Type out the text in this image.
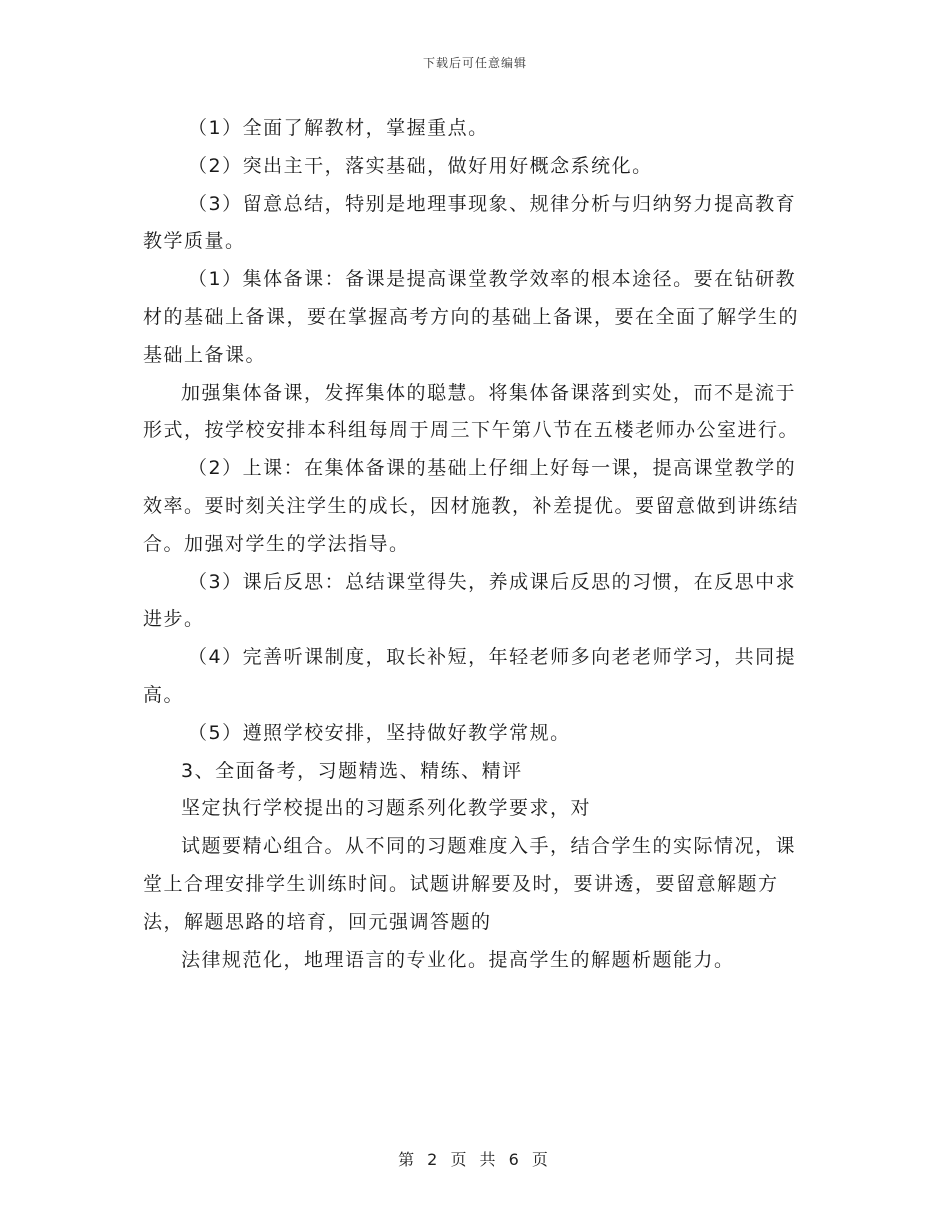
下载后可任意编辑

（1）全面了解教材，掌握重点。

（2）突出主干，落实基础，做好用好概念系统化。

（3）留意总结，特别是地理事现象、规律分析与归纳努力提高教育教学质量。

（1）集体备课：备课是提高课堂教学效率的根本途径。要在钻研教材的基础上备课，要在掌握高考方向的基础上备课，要在全面了解学生的基础上备课。

加强集体备课，发挥集体的聪慧。将集体备课落到实处，而不是流于形式，按学校安排本科组每周于周三下午第八节在五楼老师办公室进行。

（2）上课：在集体备课的基础上仔细上好每一课，提高课堂教学的效率。要时刻关注学生的成长，因材施教，补差提优。要留意做到讲练结合。加强对学生的学法指导。

（3）课后反思：总结课堂得失，养成课后反思的习惯，在反思中求进步。

（4）完善听课制度，取长补短，年轻老师多向老老师学习，共同提高。

（5）遵照学校安排，坚持做好教学常规。

3、全面备考，习题精选、精练、精评

坚定执行学校提出的习题系列化教学要求，对

试题要精心组合。从不同的习题难度入手，结合学生的实际情况，课堂上合理安排学生训练时间。试题讲解要及时，要讲透，要留意解题方法，解题思路的培育，回元强调答题的

法律规范化，地理语言的专业化。提高学生的解题析题能力。

第 2 页 共 6 页
